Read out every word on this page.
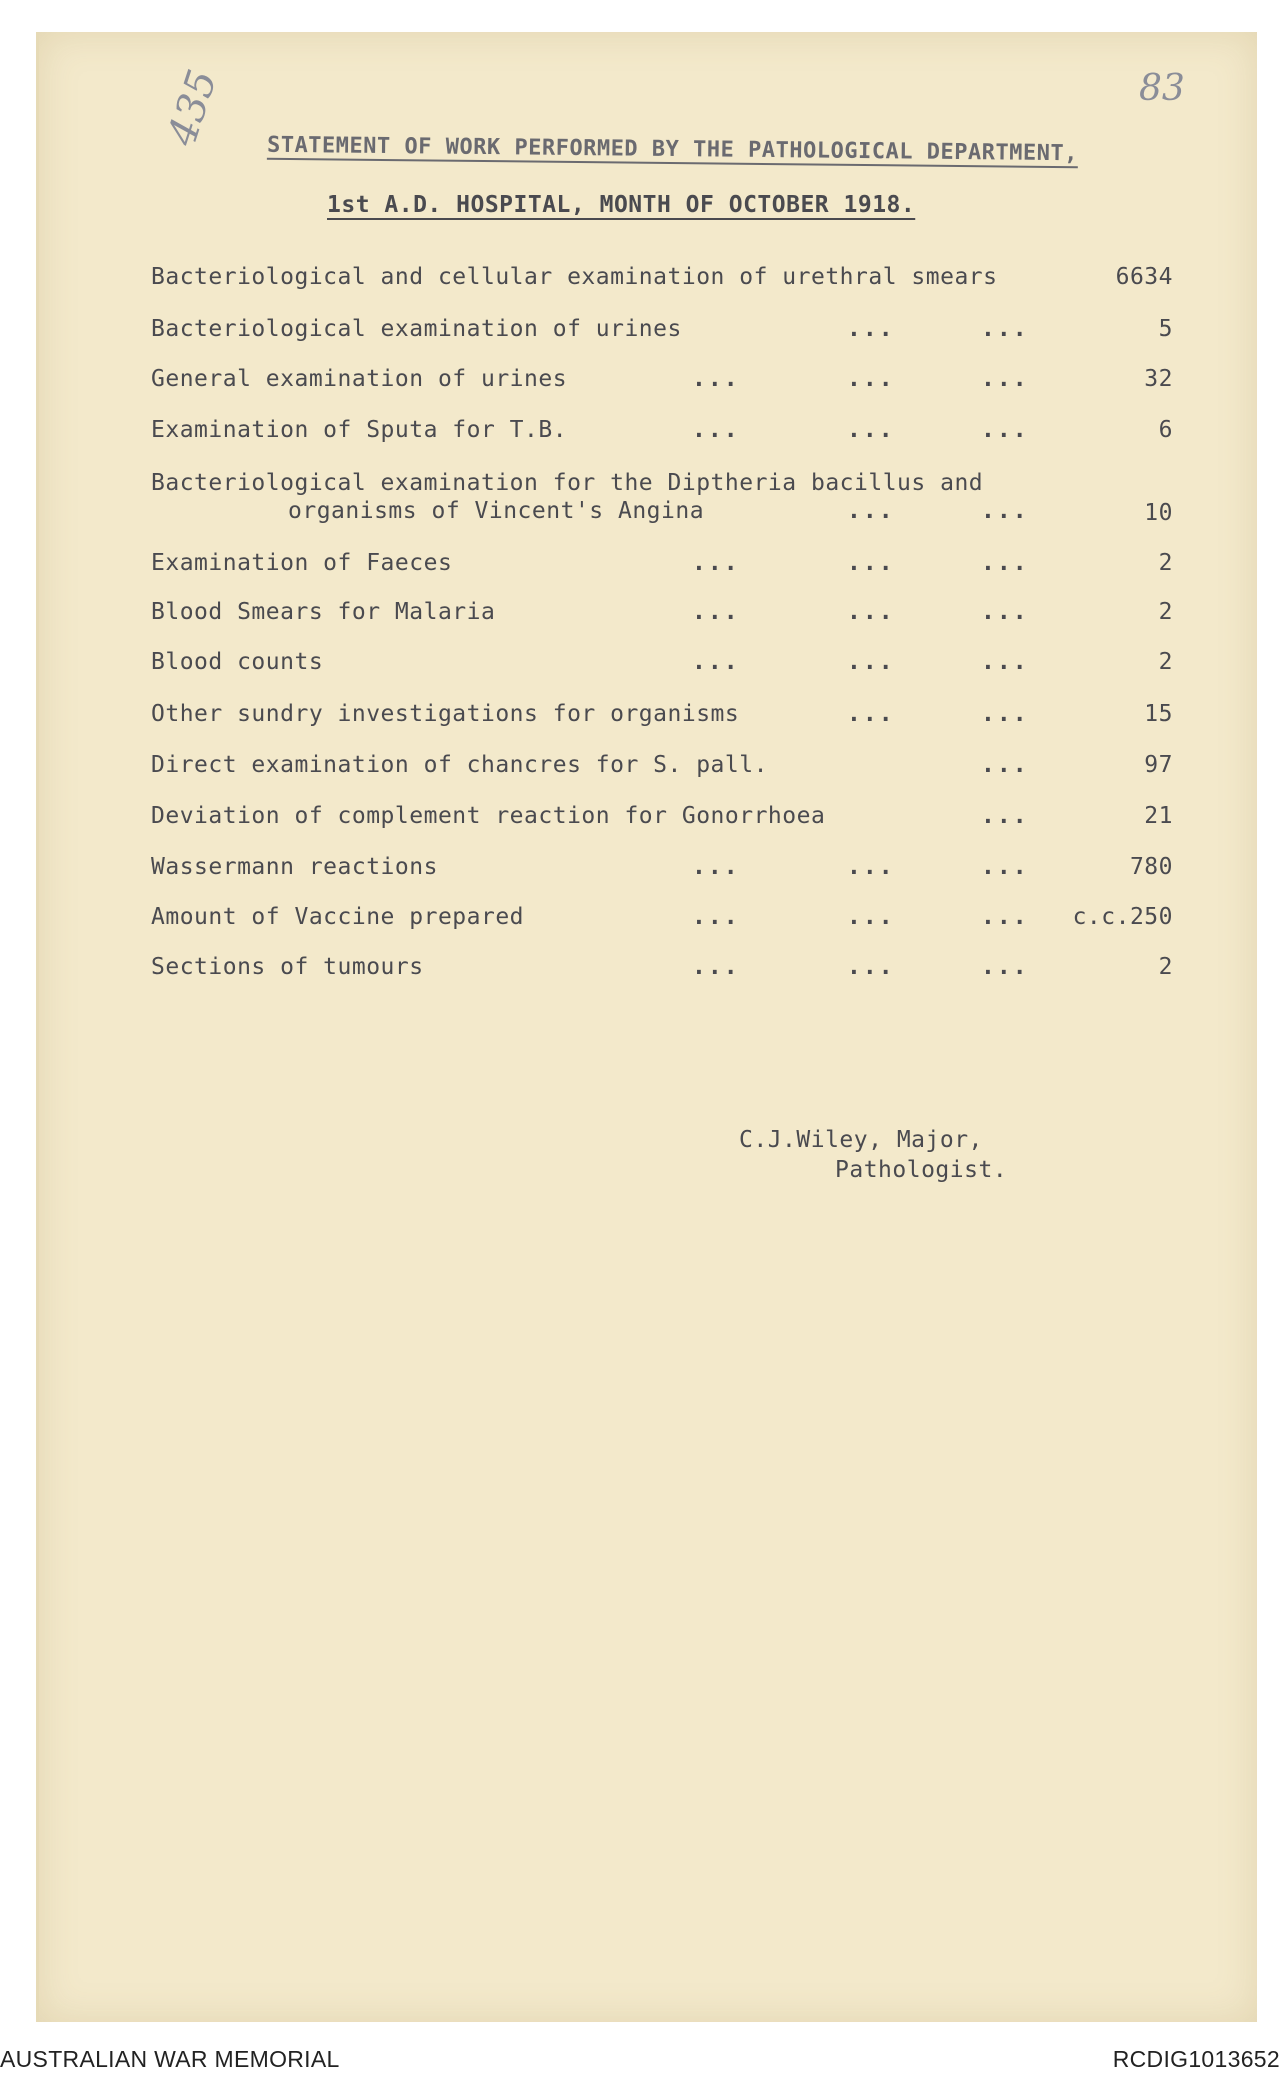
83
435 STATEMENT OF WORK PERFORMED BY THE PATHOLOGICAL DEPARTMENT,
1st A.D. HOSPITAL, MONTH OF OCTOBER 1918.
Bacteriological and cellular examination of urethral smears	6634
Bacteriological examination of urines	...	...	5
General examination of urines	...	...	...	32
Examination of Sputa for T.B.	...	...	...	6
Bacteriological examination for the Diptheria bacillus and
organisms of Vincent's Angina	...	...	10
Examination of Faeces	...	...	...	2
Blood Smears for Malaria	...	...	...	2
Blood counts	...	...	...	2
Other sundry investigations for organisms	...	...	15
Direct examination of chancres for S. pall.	...	97
Deviation of complement reaction for Gonorrhoea	...	21
Wassermann reactions	...	...	...	780
Amount of Vaccine prepared	...	...	... c.c.250
Sections of tumours	...	...	...	2
C.J.Wiley, Major,
Pathologist.
AUSTRALIAN WAR MEMORIAL	RCDIG1013652
